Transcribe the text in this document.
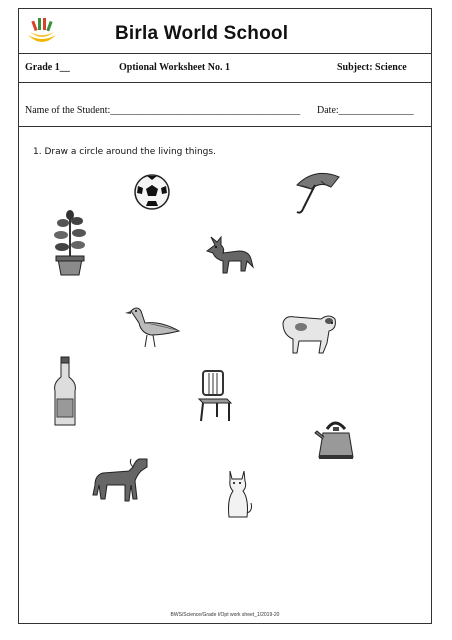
Birla World School
Grade 1__	Optional Worksheet No. 1	Subject: Science
Name of the Student:______________________________________ Date:_______________
1. Draw a circle around the living things.
BWS/Science/Grade I/Opt work sheet_1/2019-20
